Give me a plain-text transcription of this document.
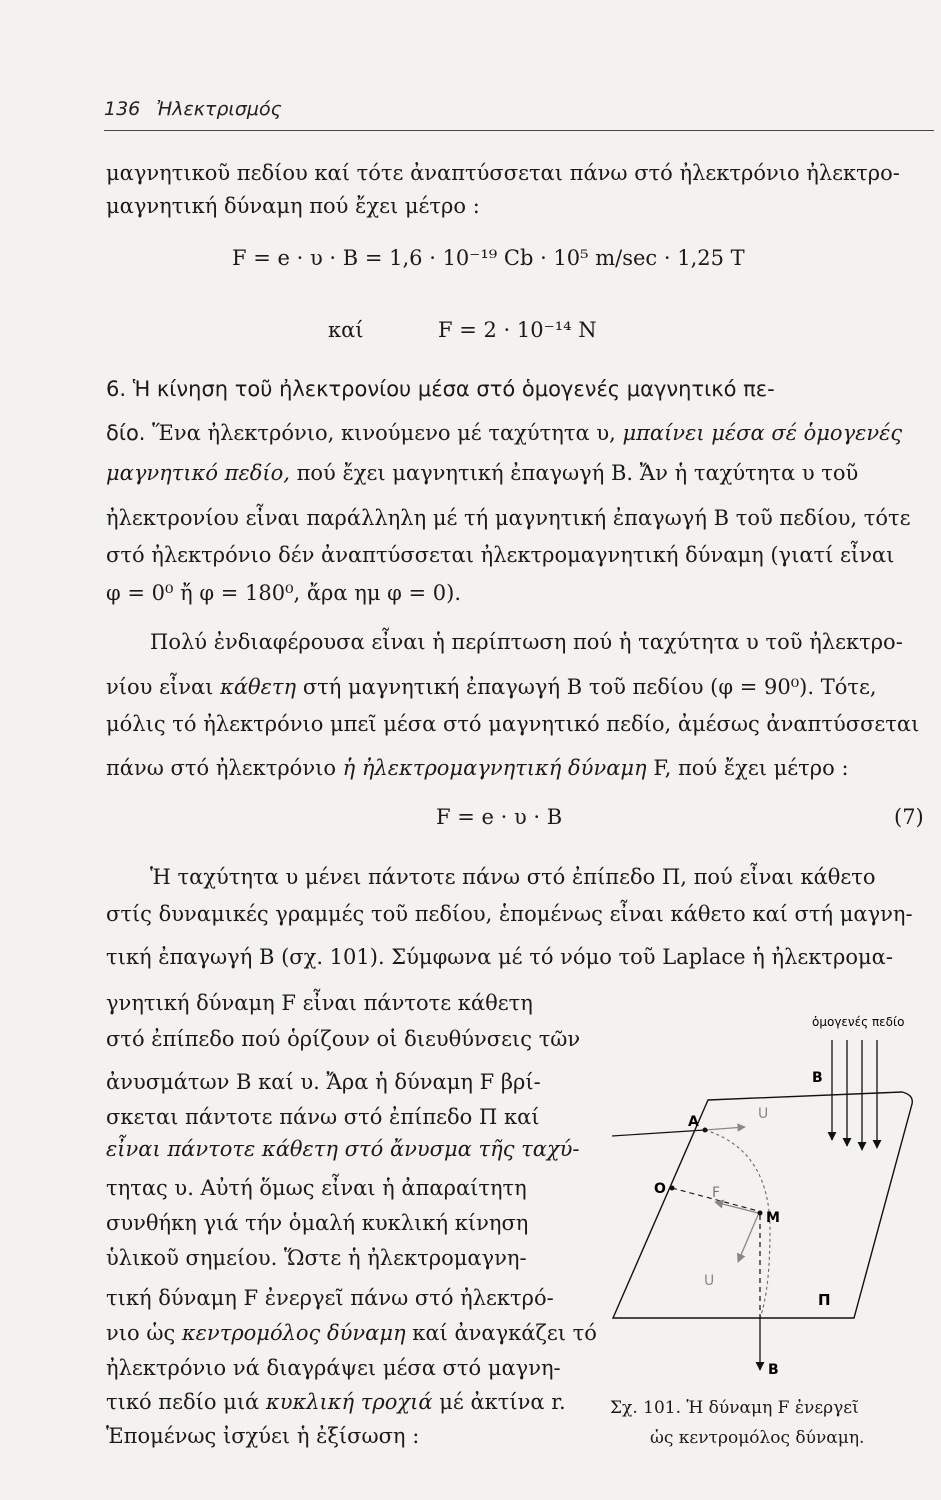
136 Ἠλεκτρισμός
μαγνητικοῦ πεδίου καί τότε ἀναπτύσσεται πάνω στό ἠλεκτρόνιο ἠλεκτρο-
μαγνητική δύναμη πού ἔχει μέτρο :
F = e · υ · B = 1,6 · 10⁻¹⁹ Cb · 10⁵ m/sec · 1,25 T
καί	F = 2 · 10⁻¹⁴ N
6. Ἡ κίνηση τοῦ ἠλεκτρονίου μέσα στό ὁμογενές μαγνητικό πε-
δίο. Ἕνα ἠλεκτρόνιο, κινούμενο μέ ταχύτητα υ, μπαίνει μέσα σέ ὁμογενές
μαγνητικό πεδίο, πού ἔχει μαγνητική ἐπαγωγή B. Ἄν ἡ ταχύτητα υ τοῦ
ἠλεκτρονίου εἶναι παράλληλη μέ τή μαγνητική ἐπαγωγή B τοῦ πεδίου, τότε
στό ἠλεκτρόνιο δέν ἀναπτύσσεται ἠλεκτρομαγνητική δύναμη (γιατί εἶναι
φ = 0⁰ ἤ φ = 180⁰, ἄρα ημ φ = 0).
Πολύ ἐνδιαφέρουσα εἶναι ἡ περίπτωση πού ἡ ταχύτητα υ τοῦ ἠλεκτρο-
νίου εἶναι κάθετη στή μαγνητική ἐπαγωγή B τοῦ πεδίου (φ = 90⁰). Τότε,
μόλις τό ἠλεκτρόνιο μπεῖ μέσα στό μαγνητικό πεδίο, ἀμέσως ἀναπτύσσεται
πάνω στό ἠλεκτρόνιο ἡ ἠλεκτρομαγνητική δύναμη F, πού ἔχει μέτρο :
F = e · υ · B	(7)
Ἡ ταχύτητα υ μένει πάντοτε πάνω στό ἐπίπεδο Π, πού εἶναι κάθετο
στίς δυναμικές γραμμές τοῦ πεδίου, ἑπομένως εἶναι κάθετο καί στή μαγνη-
τική ἐπαγωγή B (σχ. 101). Σύμφωνα μέ τό νόμο τοῦ Laplace ἡ ἠλεκτρομα-
γνητική δύναμη F εἶναι πάντοτε κάθετη
στό ἐπίπεδο πού ὁρίζουν οἱ διευθύνσεις τῶν
ἀνυσμάτων B καί υ. Ἄρα ἡ δύναμη F βρί-
σκεται πάντοτε πάνω στό ἐπίπεδο Π καί
εἶναι πάντοτε κάθετη στό ἄνυσμα τῆς ταχύ-
τητας υ. Αὐτή ὅμως εἶναι ἡ ἀπαραίτητη
συνθήκη γιά τήν ὁμαλή κυκλική κίνηση
ὑλικοῦ σημείου. Ὥστε ἡ ἠλεκτρομαγνη-
τική δύναμη F ἐνεργεῖ πάνω στό ἠλεκτρό-
νιο ὡς κεντρομόλος δύναμη καί ἀναγκάζει τό
ἠλεκτρόνιο νά διαγράψει μέσα στό μαγνη-
τικό πεδίο μιά κυκλική τροχιά μέ ἀκτίνα r.
Ἑπομένως ἰσχύει ἡ ἐξίσωση :
ὁμογενές πεδίο
B
A	U
O	F
M
U
Π
B
Σχ. 101. Ἡ δύναμη F ἐνεργεῖ
ὡς κεντρομόλος δύναμη.
